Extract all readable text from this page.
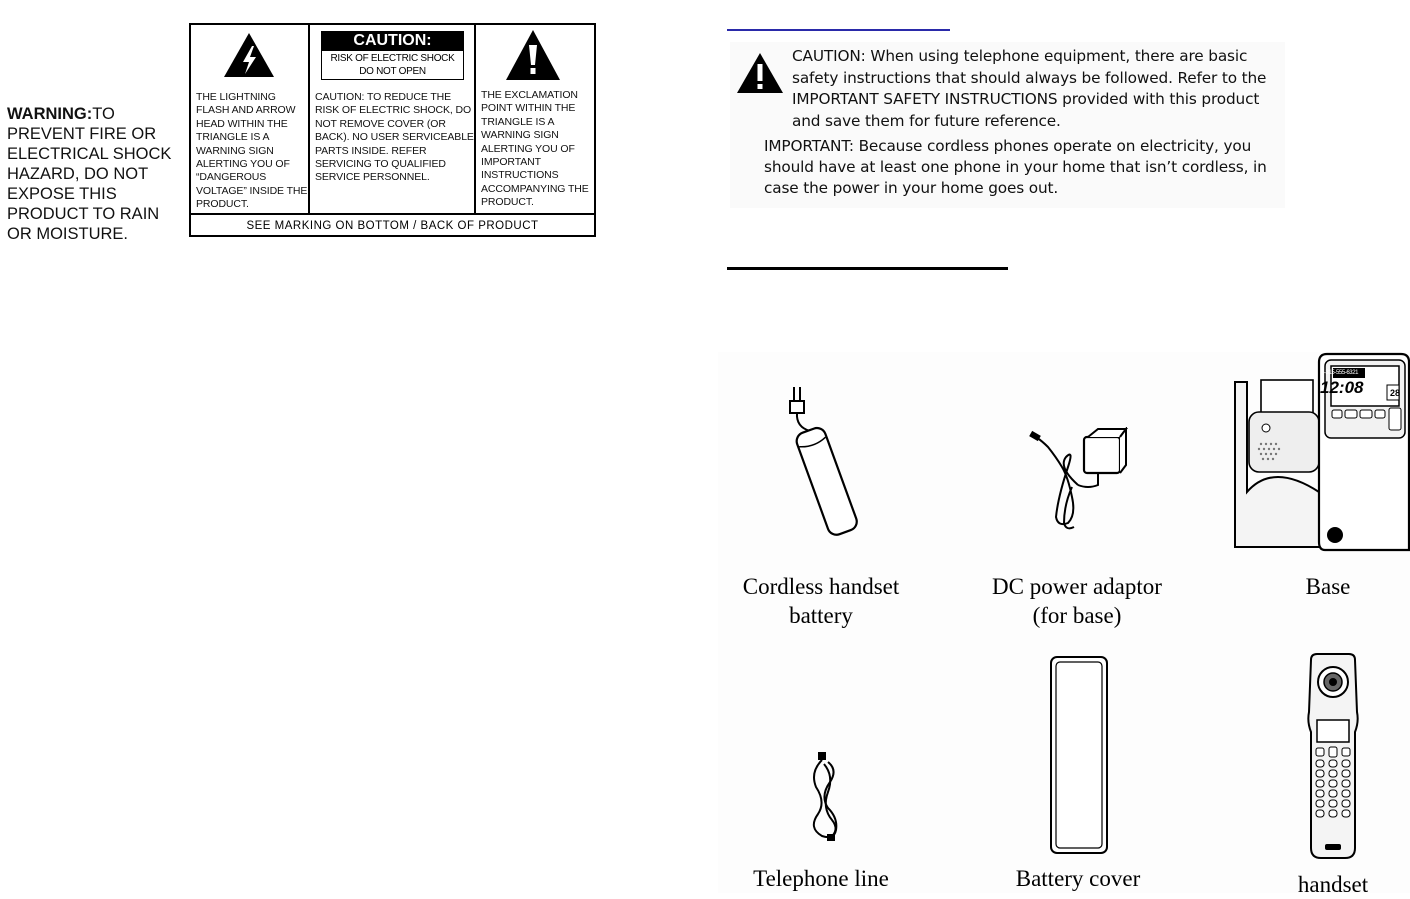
WARNING:TO PREVENT FIRE OR ELECTRICAL SHOCK HAZARD, DO NOT EXPOSE THIS PRODUCT TO RAIN OR MOISTURE.
THE LIGHTNING FLASH AND ARROW HEAD WITHIN THE TRIANGLE IS A WARNING SIGN ALERTING YOU OF “DANGEROUS VOLTAGE” INSIDE THE PRODUCT.
CAUTION:
RISK OF ELECTRIC SHOCK
DO NOT OPEN
CAUTION: TO REDUCE THE RISK OF ELECTRIC SHOCK, DO NOT REMOVE COVER (OR BACK). NO USER SERVICEABLE PARTS INSIDE. REFER SERVICING TO QUALIFIED SERVICE PERSONNEL.
THE EXCLAMATION POINT WITHIN THE TRIANGLE IS A WARNING SIGN ALERTING YOU OF IMPORTANT INSTRUCTIONS ACCOMPANYING THE PRODUCT.
SEE MARKING ON BOTTOM / BACK OF PRODUCT
CAUTION: When using telephone equipment, there are basic safety instructions that should always be followed. Refer to the IMPORTANT SAFETY INSTRUCTIONS provided with this product and save them for future reference.
IMPORTANT: Because cordless phones operate on electricity, you should have at least one phone in your home that isn’t cordless, in case the power in your home goes out.
1-315-555-6321
12:08	28
Cordless handset
battery
DC power adaptor
(for base)
Base
Telephone line	Battery cover	handset
